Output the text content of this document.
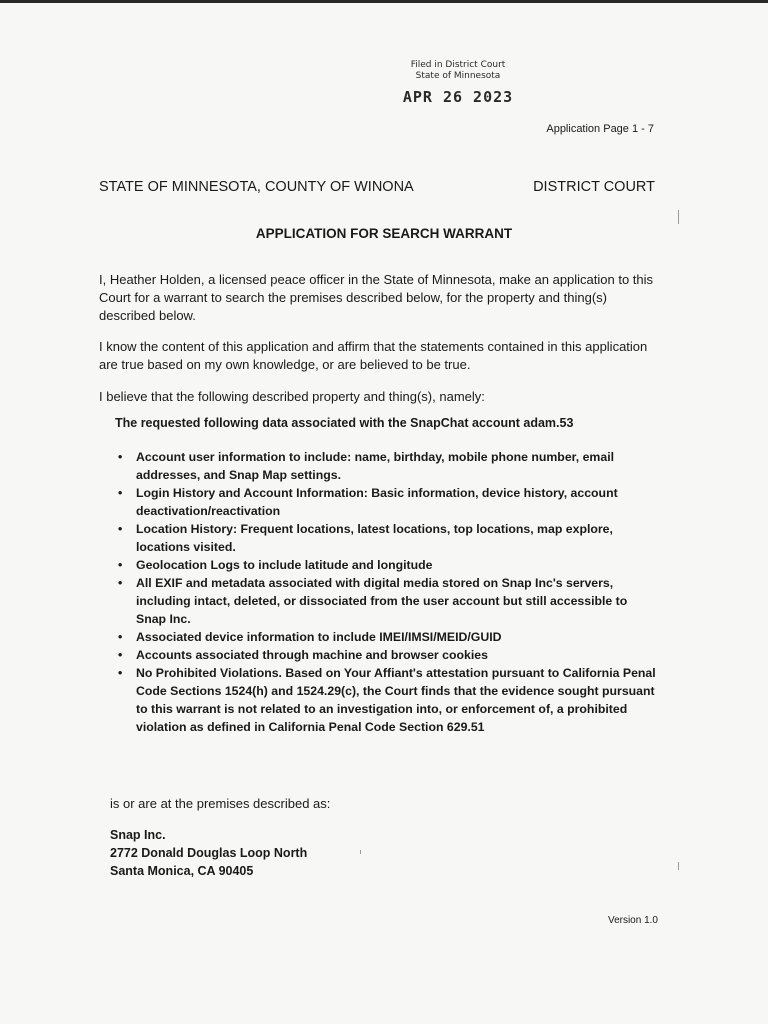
Filed in District Court
State of Minnesota
APR 26 2023
Application Page 1 - 7
STATE OF MINNESOTA, COUNTY OF WINONA	DISTRICT COURT
APPLICATION FOR SEARCH WARRANT

I, Heather Holden, a licensed peace officer in the State of Minnesota, make an application to this Court for a warrant to search the premises described below, for the property and thing(s) described below.

I know the content of this application and affirm that the statements contained in this application are true based on my own knowledge, or are believed to be true.

I believe that the following described property and thing(s), namely:

The requested following data associated with the SnapChat account adam.53
• Account user information to include: name, birthday, mobile phone number, email addresses, and Snap Map settings.
• Login History and Account Information: Basic information, device history, account deactivation/reactivation
• Location History: Frequent locations, latest locations, top locations, map explore, locations visited.
• Geolocation Logs to include latitude and longitude
• All EXIF and metadata associated with digital media stored on Snap Inc's servers, including intact, deleted, or dissociated from the user account but still accessible to Snap Inc.
• Associated device information to include IMEI/IMSI/MEID/GUID
• Accounts associated through machine and browser cookies
• No Prohibited Violations. Based on Your Affiant's attestation pursuant to California Penal Code Sections 1524(h) and 1524.29(c), the Court finds that the evidence sought pursuant to this warrant is not related to an investigation into, or enforcement of, a prohibited violation as defined in California Penal Code Section 629.51
is or are at the premises described as:
Snap Inc.
2772 Donald Douglas Loop North
Santa Monica, CA 90405
Version 1.0
